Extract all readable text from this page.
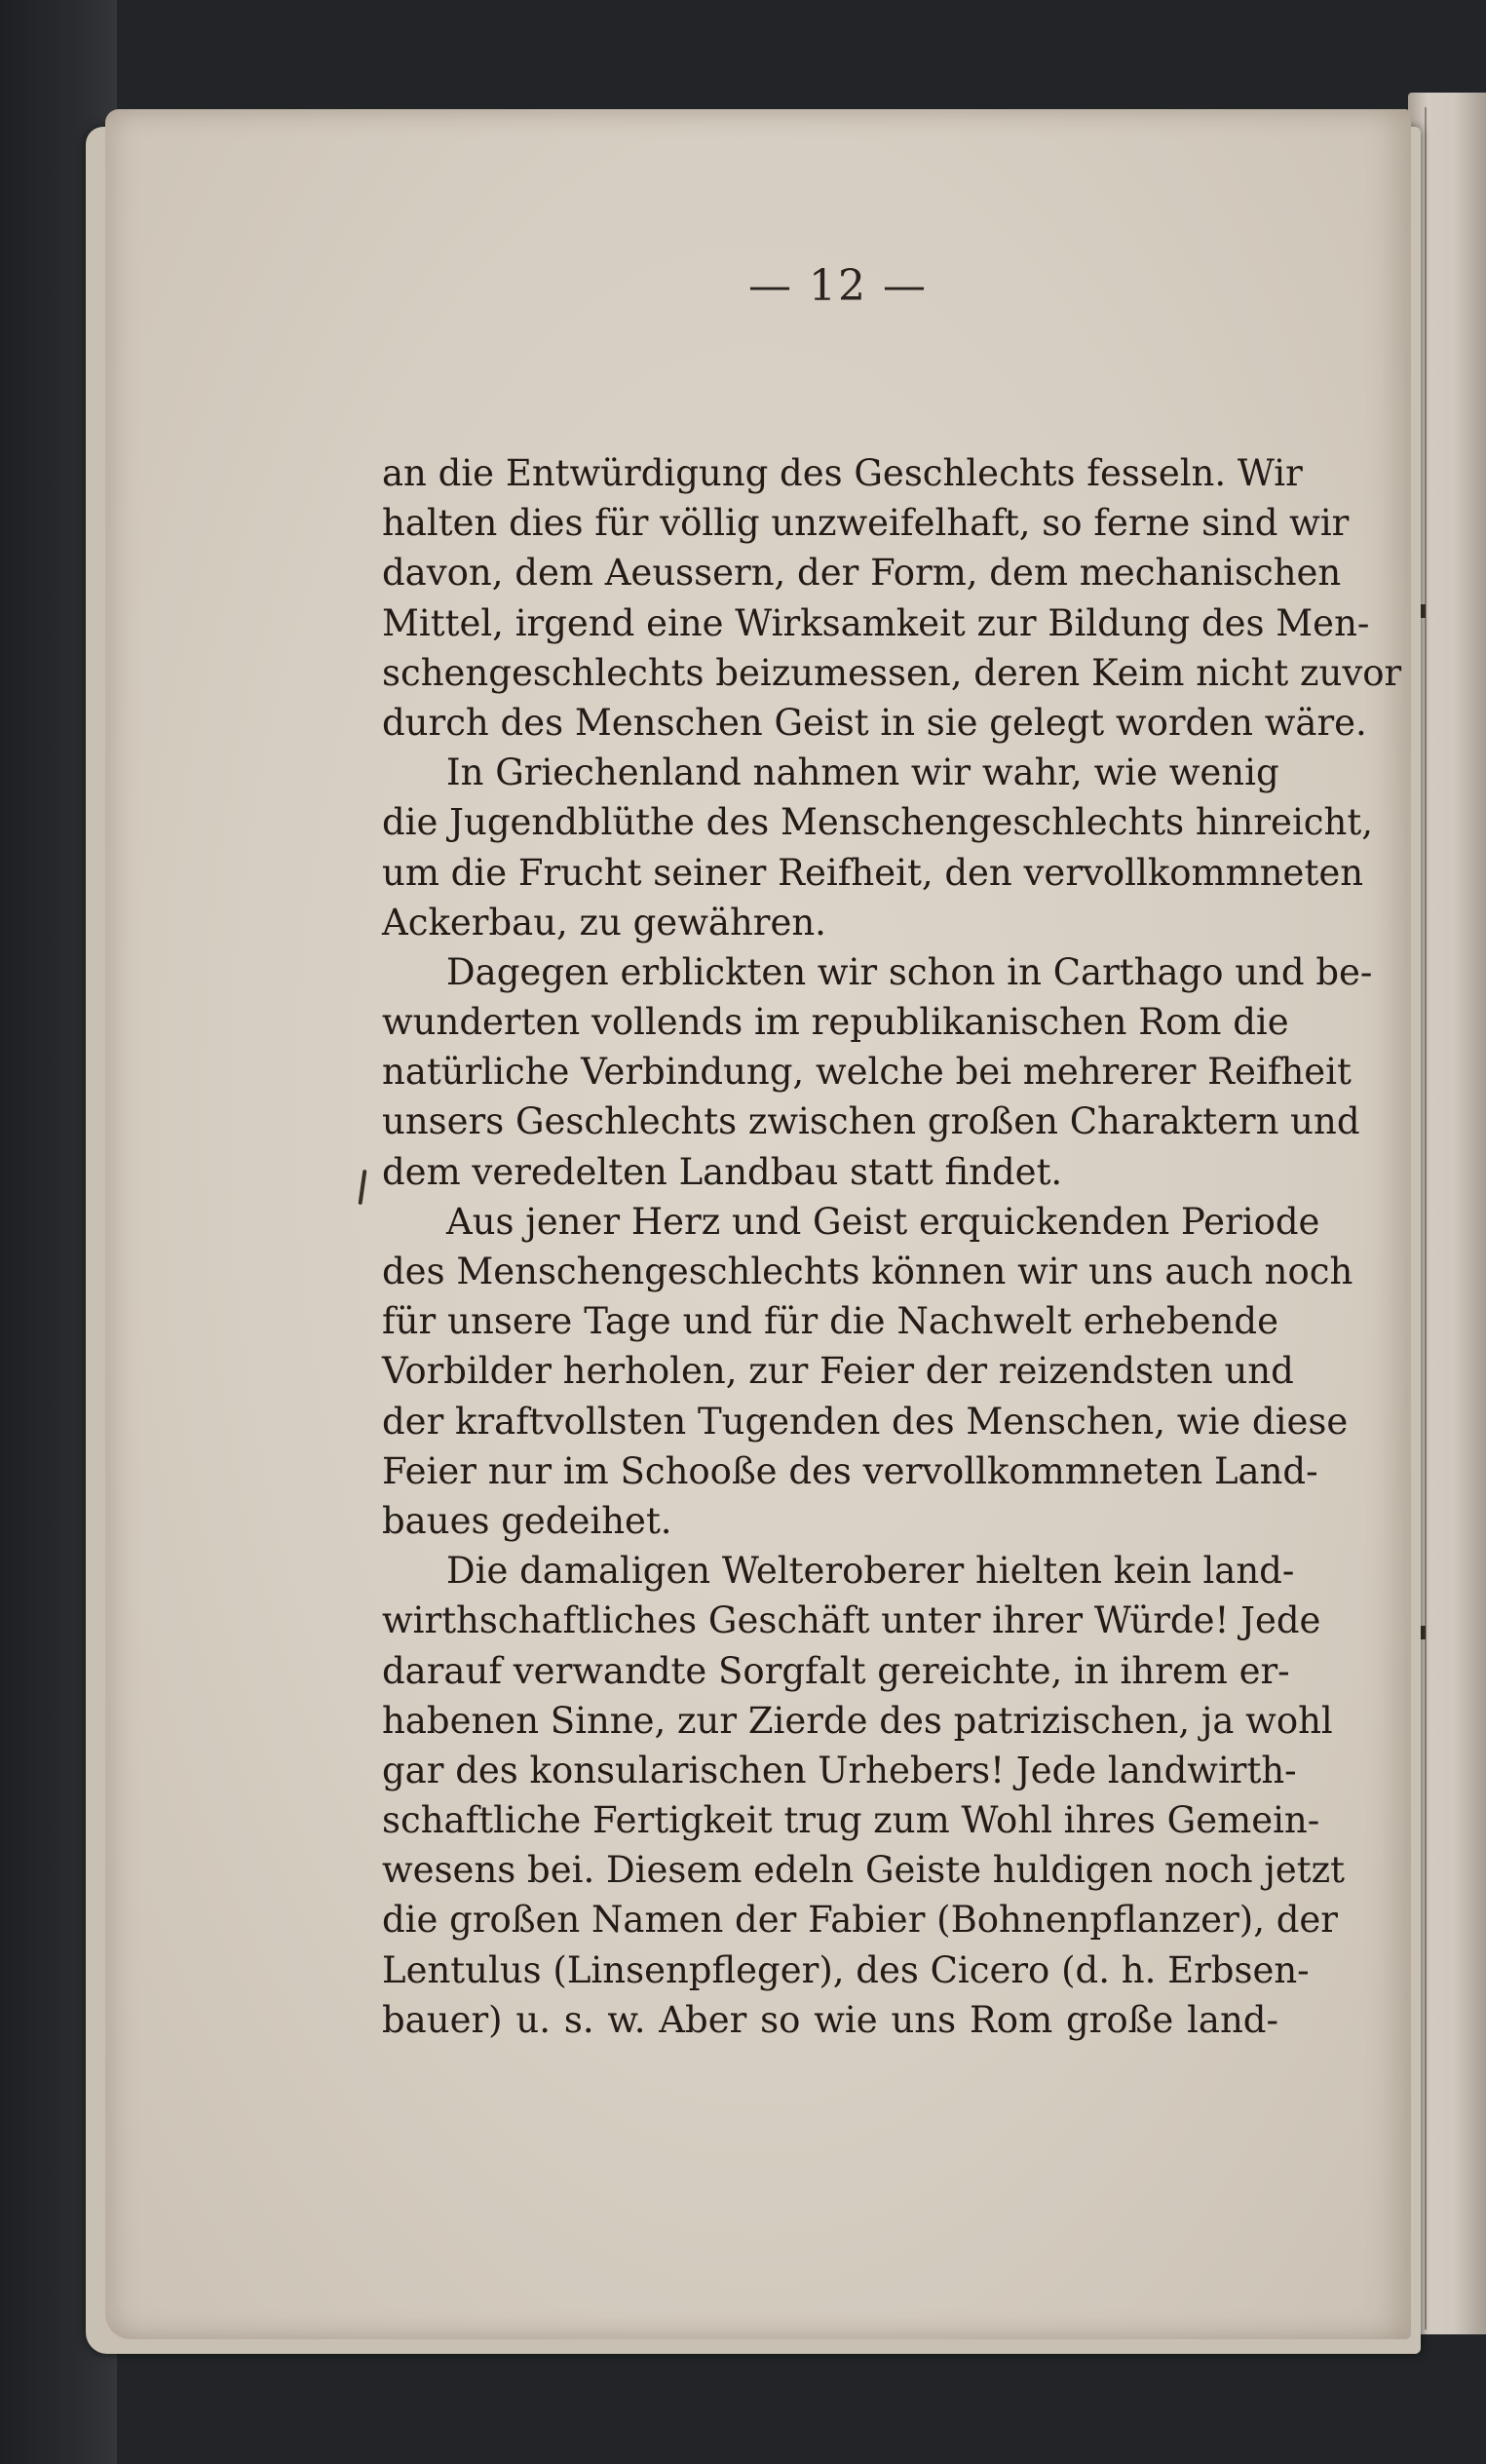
— 12 —
an die Entwürdigung des Geschlechts fesseln. Wir
halten dies für völlig unzweifelhaft, so ferne sind wir
davon, dem Aeussern, der Form, dem mechanischen
Mittel, irgend eine Wirksamkeit zur Bildung des Men-
schengeschlechts beizumessen, deren Keim nicht zuvor
durch des Menschen Geist in sie gelegt worden wäre.
In Griechenland nahmen wir wahr, wie wenig
die Jugendblüthe des Menschengeschlechts hinreicht,
um die Frucht seiner Reifheit, den vervollkommneten
Ackerbau, zu gewähren.
Dagegen erblickten wir schon in Carthago und be-
wunderten vollends im republikanischen Rom die
natürliche Verbindung, welche bei mehrerer Reifheit
unsers Geschlechts zwischen großen Charaktern und
dem veredelten Landbau statt findet.
Aus jener Herz und Geist erquickenden Periode
des Menschengeschlechts können wir uns auch noch
für unsere Tage und für die Nachwelt erhebende
Vorbilder herholen, zur Feier der reizendsten und
der kraftvollsten Tugenden des Menschen, wie diese
Feier nur im Schooße des vervollkommneten Land-
baues gedeihet.
Die damaligen Welteroberer hielten kein land-
wirthschaftliches Geschäft unter ihrer Würde! Jede
darauf verwandte Sorgfalt gereichte, in ihrem er-
habenen Sinne, zur Zierde des patrizischen, ja wohl
gar des konsularischen Urhebers! Jede landwirth-
schaftliche Fertigkeit trug zum Wohl ihres Gemein-
wesens bei. Diesem edeln Geiste huldigen noch jetzt
die großen Namen der Fabier (Bohnenpflanzer), der
Lentulus (Linsenpfleger), des Cicero (d. h. Erbsen-
bauer) u. s. w. Aber so wie uns Rom große land-
